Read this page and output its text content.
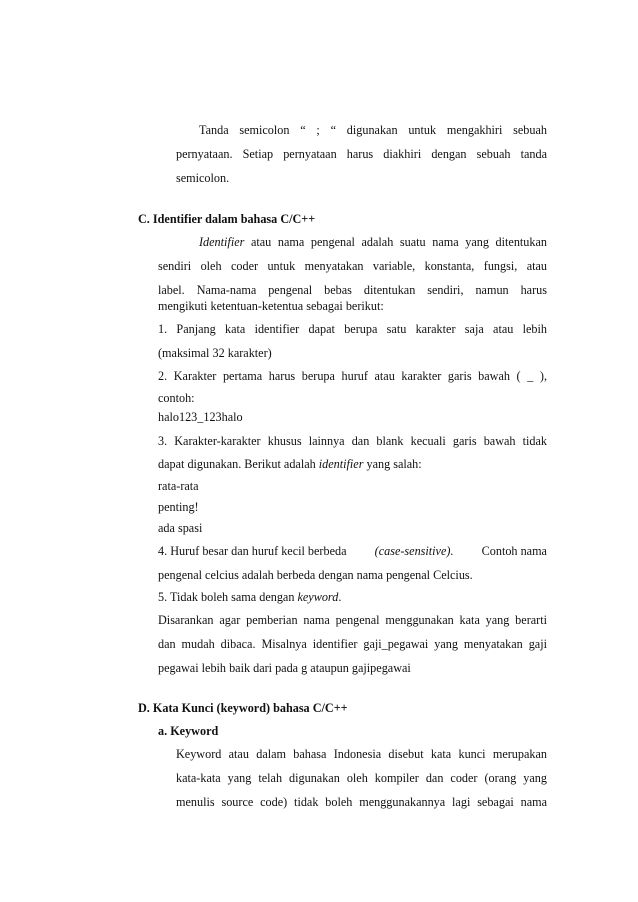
Tanda semicolon “ ; “ digunakan untuk mengakhiri sebuah
pernyataan. Setiap pernyataan harus diakhiri dengan sebuah tanda
semicolon.
C. Identifier dalam bahasa C/C++
Identifier atau nama pengenal adalah suatu nama yang ditentukan
sendiri oleh coder untuk menyatakan variable, konstanta, fungsi, atau
label. Nama-nama pengenal bebas ditentukan sendiri, namun harus
mengikuti ketentuan-ketentua sebagai berikut:
1. Panjang kata identifier dapat berupa satu karakter saja atau lebih
(maksimal 32 karakter)
2. Karakter pertama harus berupa huruf atau karakter garis bawah ( _ ),
contoh:
halo123_123halo
3. Karakter-karakter khusus lainnya dan blank kecuali garis bawah tidak
dapat digunakan. Berikut adalah identifier yang salah:
rata-rata
penting!
ada spasi
4. Huruf besar dan huruf kecil berbeda (case-sensitive). Contoh nama
pengenal celcius adalah berbeda dengan nama pengenal Celcius.
5. Tidak boleh sama dengan keyword.
Disarankan agar pemberian nama pengenal menggunakan kata yang berarti
dan mudah dibaca. Misalnya identifier gaji_pegawai yang menyatakan gaji
pegawai lebih baik dari pada g ataupun gajipegawai
D. Kata Kunci (keyword) bahasa C/C++
a. Keyword
Keyword atau dalam bahasa Indonesia disebut kata kunci merupakan
kata-kata yang telah digunakan oleh kompiler dan coder (orang yang
menulis source code) tidak boleh menggunakannya lagi sebagai nama
